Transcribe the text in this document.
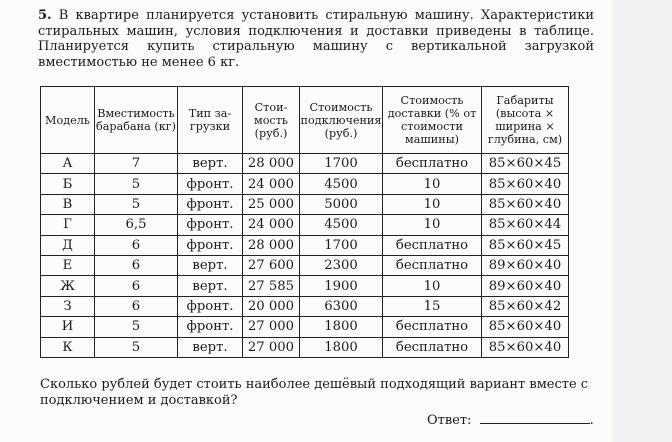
5. В квартире планируется установить стиральную машину. Характеристики стиральных машин, условия подключения и доставки приведены в таблице. Планируется купить стиральную машину с вертикальной загрузкой вместимостью не менее 6 кг.
Модель	Вместимость барабана (кг)	Тип загрузки	Стоимость (руб.)	Стоимость подключения (руб.)	Стоимость доставки (% от стоимости машины)	Габариты (высота × ширина × глубина, см)
А	7	верт.	28 000	1700	бесплатно	85×60×45
Б	5	фронт.	24 000	4500	10	85×60×40
В	5	фронт.	25 000	5000	10	85×60×40
Г	6,5	фронт.	24 000	4500	10	85×60×44
Д	6	фронт.	28 000	1700	бесплатно	85×60×45
Е	6	верт.	27 600	2300	бесплатно	89×60×40
Ж	6	верт.	27 585	1900	10	89×60×40
З	6	фронт.	20 000	6300	15	85×60×42
И	5	фронт.	27 000	1800	бесплатно	85×60×40
К	5	верт.	27 000	1800	бесплатно	85×60×40
Сколько рублей будет стоить наиболее дешёвый подходящий вариант вместе с подключением и доставкой?
Ответ:	.
